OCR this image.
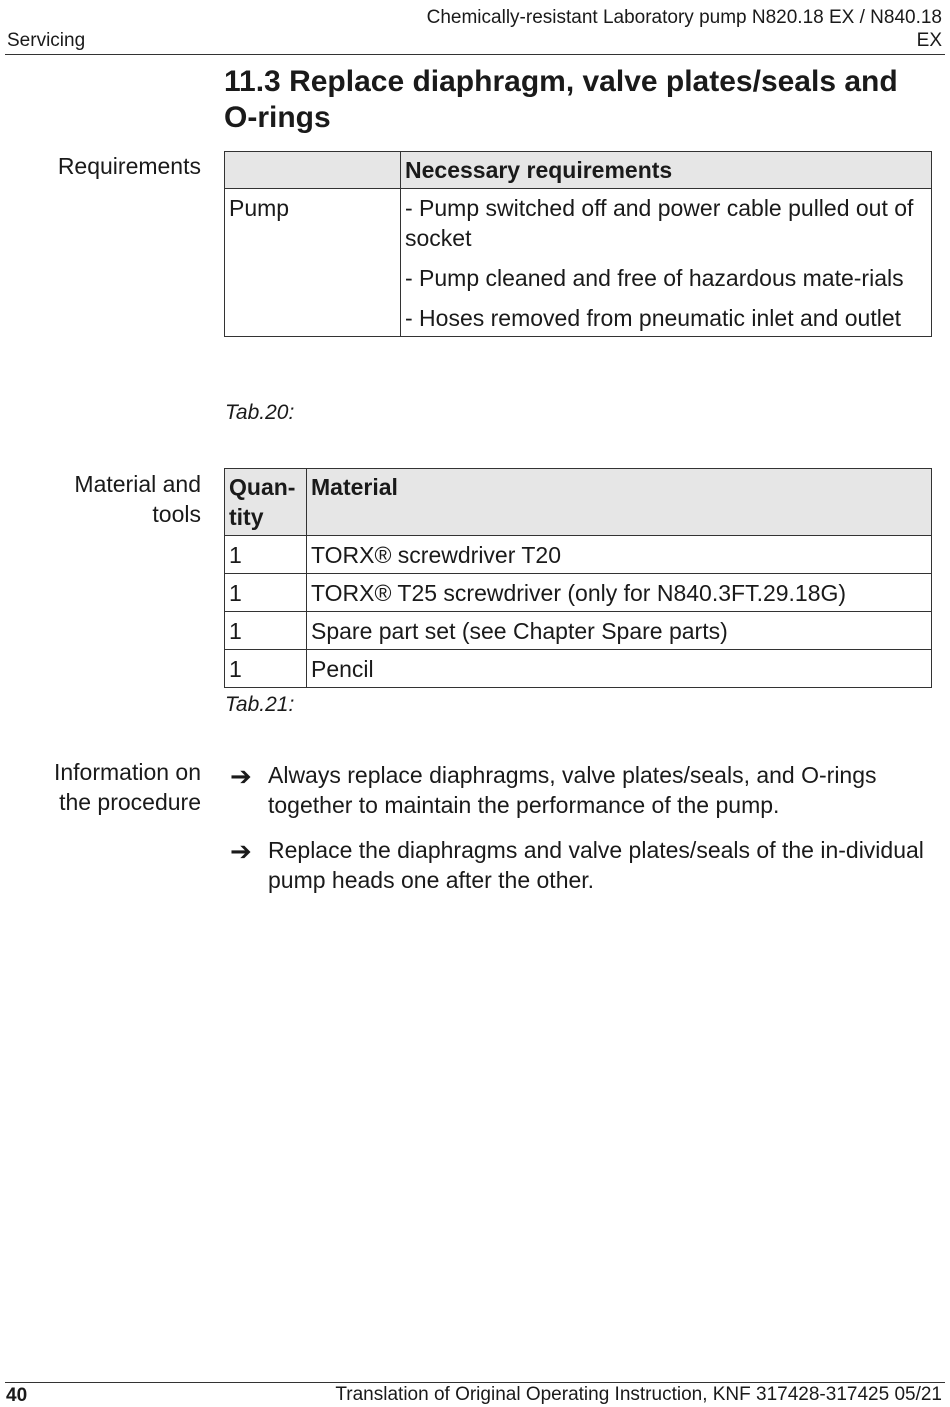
Servicing
Chemically-resistant Laboratory pump N820.18 EX / N840.18
EX
11.3 Replace diaphragm, valve plates/seals and
O-rings
Requirements
		Necessary requirements
Pump	- Pump switched off and power cable pulled out of socket
- Pump cleaned and free of hazardous mate-rials
- Hoses removed from pneumatic inlet and outlet
Tab.20:
Material and
tools
Quan-
tity	Material
1	TORX® screwdriver T20
1	TORX® T25 screwdriver (only for N840.3FT.29.18G)
1	Spare part set (see Chapter Spare parts)
1	Pencil
Tab.21:
Information on
the procedure
➔ Always replace diaphragms, valve plates/seals, and O-rings together to maintain the performance of the pump.
➔ Replace the diaphragms and valve plates/seals of the in-dividual pump heads one after the other.
40	Translation of Original Operating Instruction, KNF 317428-317425 05/21
